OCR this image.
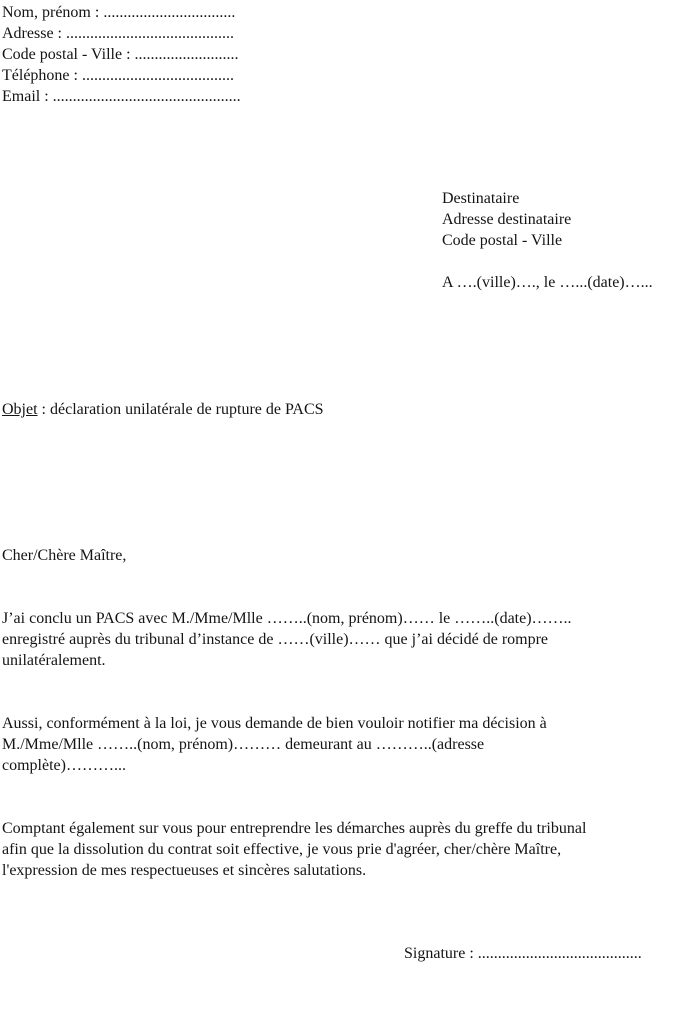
Nom, prénom : .................................
Adresse : ..........................................
Code postal - Ville : ..........................
Téléphone : ......................................
Email : ...............................................
Destinataire
Adresse destinataire
Code postal - Ville
A ….(ville)…., le …...(date)…...
Objet : déclaration unilatérale de rupture de PACS
Cher/Chère Maître,
J’ai conclu un PACS avec M./Mme/Mlle ……..(nom, prénom)…… le ……..(date)……..
enregistré auprès du tribunal d’instance de ……(ville)…… que j’ai décidé de rompre
unilatéralement.
Aussi, conformément à la loi, je vous demande de bien vouloir notifier ma décision à
M./Mme/Mlle ……..(nom, prénom)……… demeurant au ………..(adresse
complète)………...
Comptant également sur vous pour entreprendre les démarches auprès du greffe du tribunal
afin que la dissolution du contrat soit effective, je vous prie d'agréer, cher/chère Maître,
l'expression de mes respectueuses et sincères salutations.
Signature : .........................................
